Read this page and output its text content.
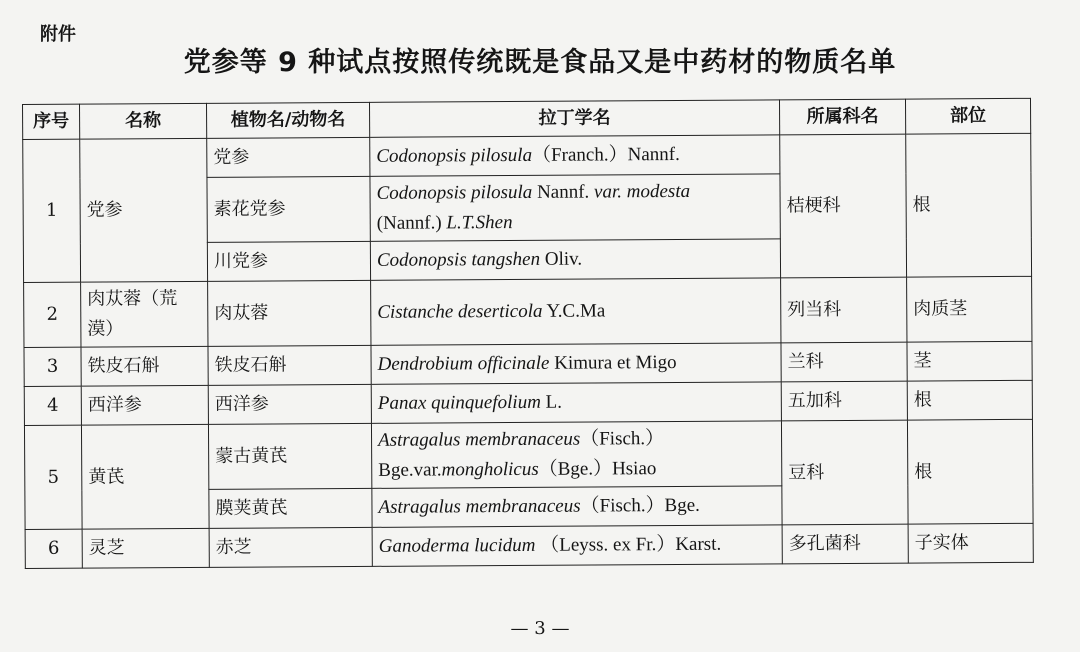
附件
党参等 9 种试点按照传统既是食品又是中药材的物质名单
序号	名称	植物名/动物名	拉丁学名	所属科名	部位
1	党参	党参	Codonopsis pilosula（Franch.）Nannf.	桔梗科	根
		素花党参	Codonopsis pilosula Nannf. var. modesta
(Nannf.) L.T.Shen		
		川党参	Codonopsis tangshen Oliv.		
2	肉苁蓉（荒漠）	肉苁蓉	Cistanche deserticola Y.C.Ma	列当科	肉质茎
3	铁皮石斛	铁皮石斛	Dendrobium officinale Kimura et Migo	兰科	茎
4	西洋参	西洋参	Panax quinquefolium L.	五加科	根
5	黄芪	蒙古黄芪	Astragalus membranaceus（Fisch.）
Bge.var.mongholicus（Bge.）Hsiao	豆科	根
		膜荚黄芪	Astragalus membranaceus（Fisch.）Bge.		
6	灵芝	赤芝	Ganoderma lucidum （Leyss. ex Fr.）Karst.	多孔菌科	子实体
— 3 —
